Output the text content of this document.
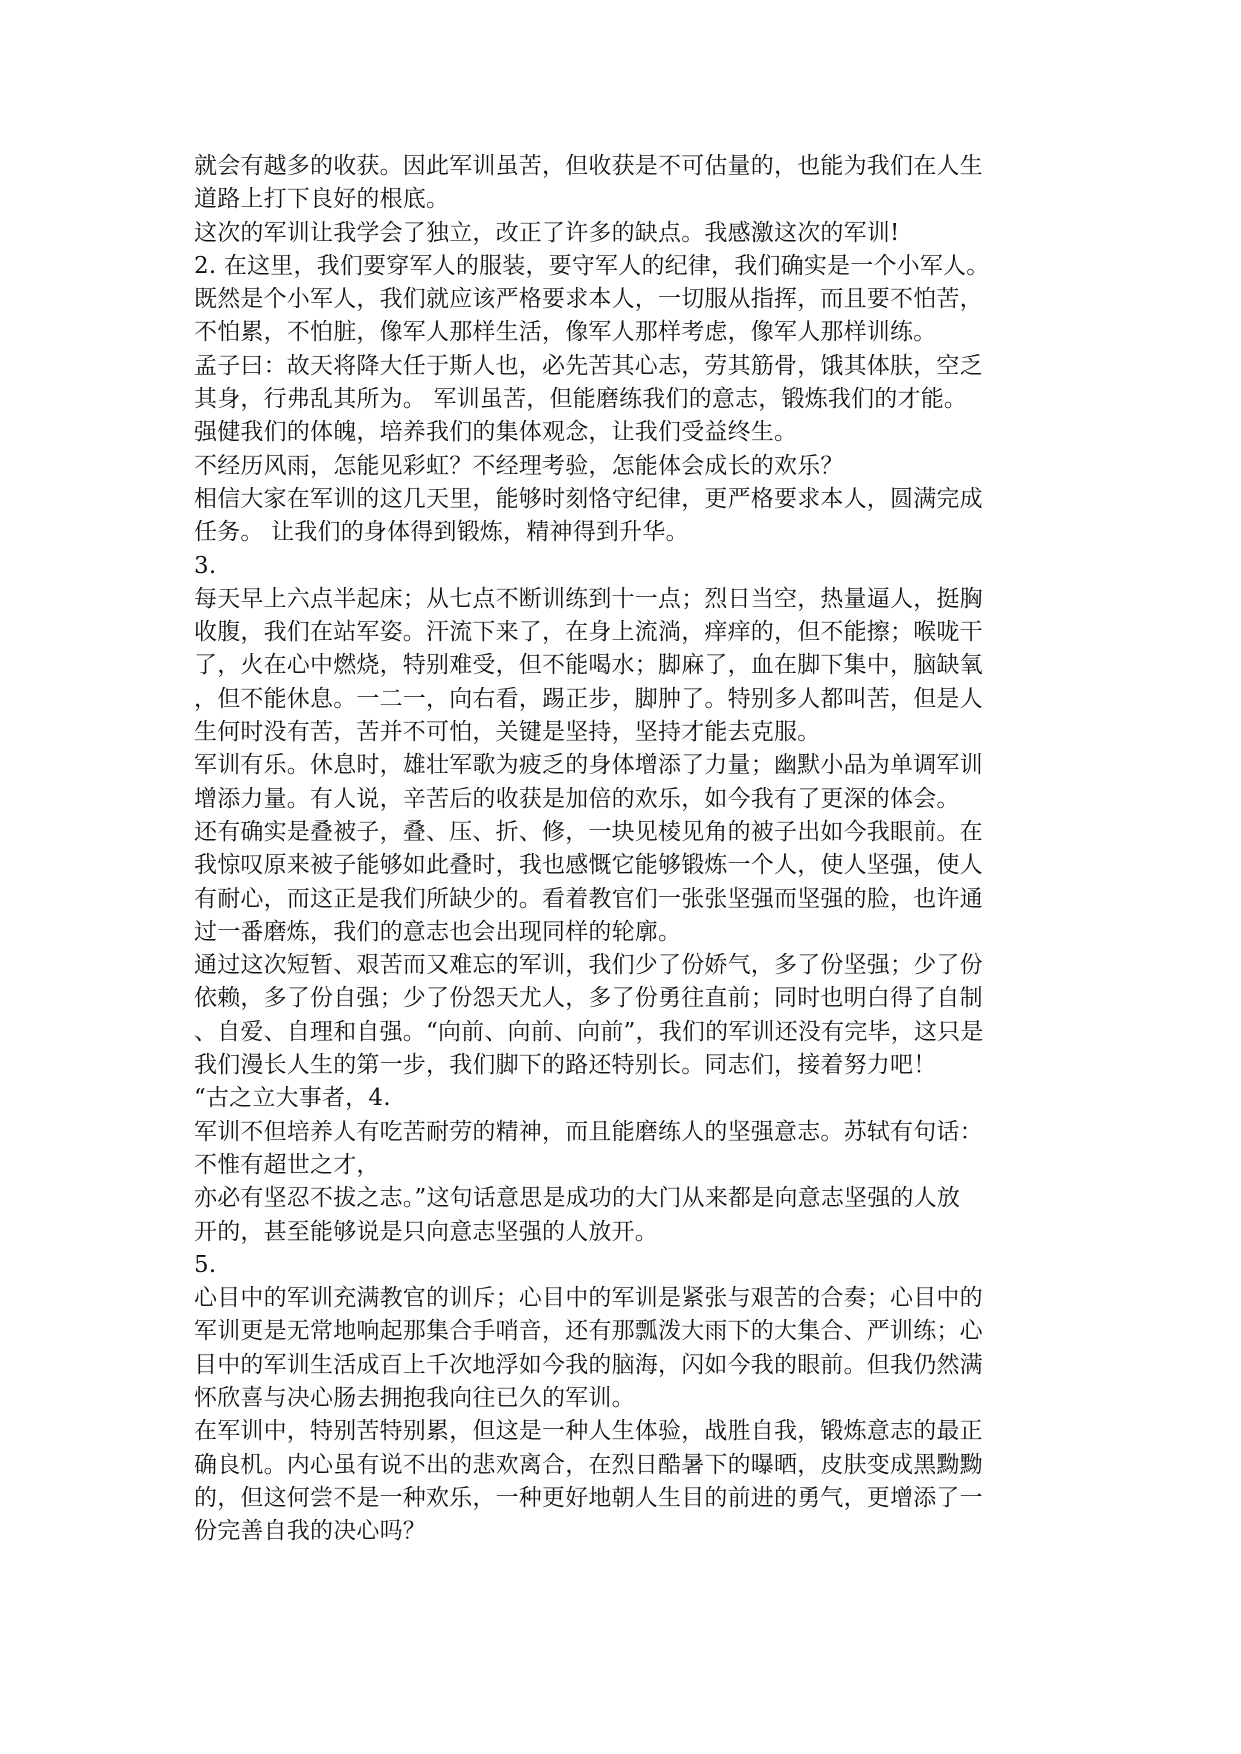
就会有越多的收获。因此军训虽苦，但收获是不可估量的，也能为我们在人生
道路上打下良好的根底。
这次的军训让我学会了独立，改正了许多的缺点。我感激这次的军训!
2. 在这里，我们要穿军人的服装，要守军人的纪律，我们确实是一个小军人。
既然是个小军人，我们就应该严格要求本人，一切服从指挥，而且要不怕苦，
不怕累，不怕脏，像军人那样生活，像军人那样考虑，像军人那样训练。
孟子曰：故天将降大任于斯人也，必先苦其心志，劳其筋骨，饿其体肤，空乏
其身，行弗乱其所为。 军训虽苦，但能磨练我们的意志，锻炼我们的才能。
强健我们的体魄，培养我们的集体观念，让我们受益终生。
不经历风雨，怎能见彩虹？不经理考验，怎能体会成长的欢乐？
相信大家在军训的这几天里，能够时刻恪守纪律，更严格要求本人，圆满完成
任务。 让我们的身体得到锻炼，精神得到升华。
3.
每天早上六点半起床；从七点不断训练到十一点；烈日当空，热量逼人，挺胸
收腹，我们在站军姿。汗流下来了，在身上流淌，痒痒的，但不能擦；喉咙干
了，火在心中燃烧，特别难受，但不能喝水；脚麻了，血在脚下集中，脑缺氧
，但不能休息。一二一，向右看，踢正步，脚肿了。特别多人都叫苦，但是人
生何时没有苦，苦并不可怕，关键是坚持，坚持才能去克服。
军训有乐。休息时，雄壮军歌为疲乏的身体增添了力量；幽默小品为单调军训
增添力量。有人说，辛苦后的收获是加倍的欢乐，如今我有了更深的体会。
还有确实是叠被子，叠、压、折、修，一块见棱见角的被子出如今我眼前。在
我惊叹原来被子能够如此叠时，我也感慨它能够锻炼一个人，使人坚强，使人
有耐心，而这正是我们所缺少的。看着教官们一张张坚强而坚强的脸，也许通
过一番磨炼，我们的意志也会出现同样的轮廓。
通过这次短暂、艰苦而又难忘的军训，我们少了份娇气，多了份坚强；少了份
依赖，多了份自强；少了份怨天尤人，多了份勇往直前；同时也明白得了自制
、自爱、自理和自强。“向前、向前、向前”，我们的军训还没有完毕，这只是
我们漫长人生的第一步，我们脚下的路还特别长。同志们，接着努力吧！
“古之立大事者，4.
军训不但培养人有吃苦耐劳的精神，而且能磨练人的坚强意志。苏轼有句话：
不惟有超世之才，
亦必有坚忍不拔之志。”这句话意思是成功的大门从来都是向意志坚强的人放
开的，甚至能够说是只向意志坚强的人放开。
5.
心目中的军训充满教官的训斥；心目中的军训是紧张与艰苦的合奏；心目中的
军训更是无常地响起那集合手哨音，还有那瓢泼大雨下的大集合、严训练；心
目中的军训生活成百上千次地浮如今我的脑海，闪如今我的眼前。但我仍然满
怀欣喜与决心肠去拥抱我向往已久的军训。
在军训中，特别苦特别累，但这是一种人生体验，战胜自我，锻炼意志的最正
确良机。内心虽有说不出的悲欢离合，在烈日酷暑下的曝晒，皮肤变成黑黝黝
的，但这何尝不是一种欢乐，一种更好地朝人生目的前进的勇气，更增添了一
份完善自我的决心吗？
